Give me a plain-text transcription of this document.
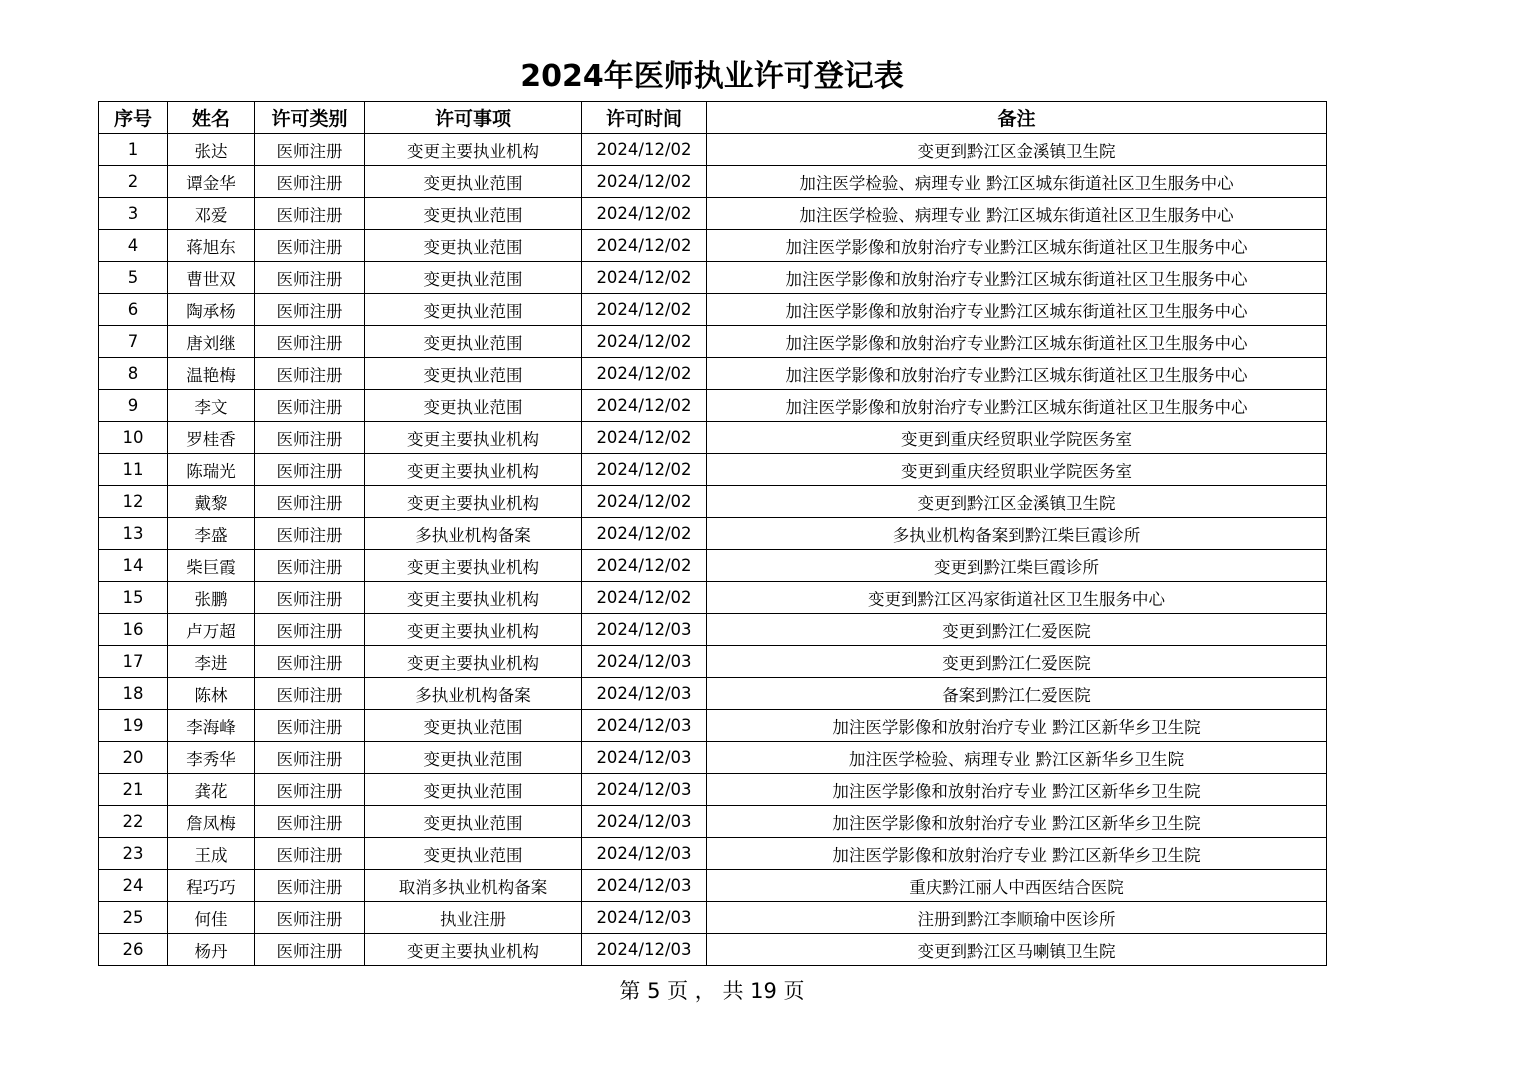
2024年医师执业许可登记表
序号	姓名	许可类别	许可事项	许可时间	备注
1	张达	医师注册	变更主要执业机构	2024/12/02	变更到黔江区金溪镇卫生院
2	谭金华	医师注册	变更执业范围	2024/12/02	加注医学检验、病理专业 黔江区城东街道社区卫生服务中心
3	邓爱	医师注册	变更执业范围	2024/12/02	加注医学检验、病理专业 黔江区城东街道社区卫生服务中心
4	蒋旭东	医师注册	变更执业范围	2024/12/02	加注医学影像和放射治疗专业黔江区城东街道社区卫生服务中心
5	曹世双	医师注册	变更执业范围	2024/12/02	加注医学影像和放射治疗专业黔江区城东街道社区卫生服务中心
6	陶承杨	医师注册	变更执业范围	2024/12/02	加注医学影像和放射治疗专业黔江区城东街道社区卫生服务中心
7	唐刘继	医师注册	变更执业范围	2024/12/02	加注医学影像和放射治疗专业黔江区城东街道社区卫生服务中心
8	温艳梅	医师注册	变更执业范围	2024/12/02	加注医学影像和放射治疗专业黔江区城东街道社区卫生服务中心
9	李文	医师注册	变更执业范围	2024/12/02	加注医学影像和放射治疗专业黔江区城东街道社区卫生服务中心
10	罗桂香	医师注册	变更主要执业机构	2024/12/02	变更到重庆经贸职业学院医务室
11	陈瑞光	医师注册	变更主要执业机构	2024/12/02	变更到重庆经贸职业学院医务室
12	戴黎	医师注册	变更主要执业机构	2024/12/02	变更到黔江区金溪镇卫生院
13	李盛	医师注册	多执业机构备案	2024/12/02	多执业机构备案到黔江柴巨霞诊所
14	柴巨霞	医师注册	变更主要执业机构	2024/12/02	变更到黔江柴巨霞诊所
15	张鹏	医师注册	变更主要执业机构	2024/12/02	变更到黔江区冯家街道社区卫生服务中心
16	卢万超	医师注册	变更主要执业机构	2024/12/03	变更到黔江仁爱医院
17	李进	医师注册	变更主要执业机构	2024/12/03	变更到黔江仁爱医院
18	陈林	医师注册	多执业机构备案	2024/12/03	备案到黔江仁爱医院
19	李海峰	医师注册	变更执业范围	2024/12/03	加注医学影像和放射治疗专业 黔江区新华乡卫生院
20	李秀华	医师注册	变更执业范围	2024/12/03	加注医学检验、病理专业 黔江区新华乡卫生院
21	龚花	医师注册	变更执业范围	2024/12/03	加注医学影像和放射治疗专业 黔江区新华乡卫生院
22	詹凤梅	医师注册	变更执业范围	2024/12/03	加注医学影像和放射治疗专业 黔江区新华乡卫生院
23	王成	医师注册	变更执业范围	2024/12/03	加注医学影像和放射治疗专业 黔江区新华乡卫生院
24	程巧巧	医师注册	取消多执业机构备案	2024/12/03	重庆黔江丽人中西医结合医院
25	何佳	医师注册	执业注册	2024/12/03	注册到黔江李顺瑜中医诊所
26	杨丹	医师注册	变更主要执业机构	2024/12/03	变更到黔江区马喇镇卫生院
第 5 页 ， 共 19 页
